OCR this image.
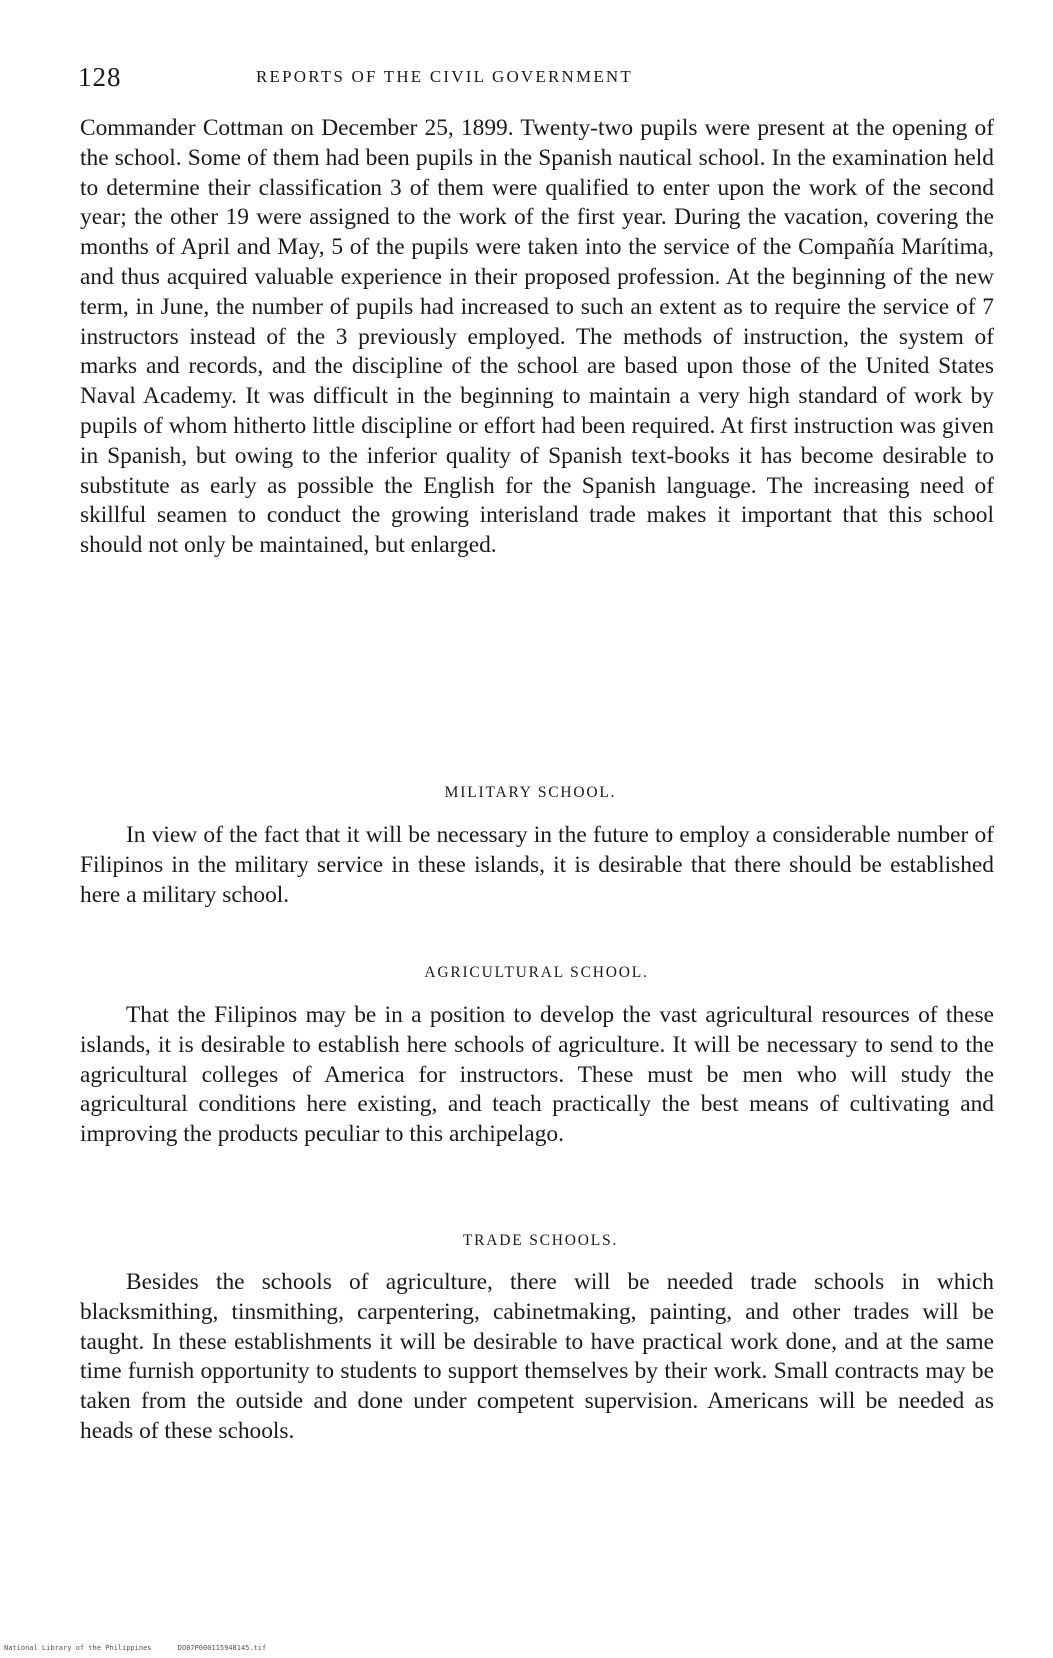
128	REPORTS OF THE CIVIL GOVERNMENT

Commander Cottman on December 25, 1899. Twenty-two pupils were present at the opening of the school. Some of them had been pupils in the Spanish nautical school. In the examination held to determine their classification 3 of them were qualified to enter upon the work of the second year; the other 19 were assigned to the work of the first year. During the vacation, covering the months of April and May, 5 of the pupils were taken into the service of the Compañía Marítima, and thus acquired valuable experience in their proposed profession. At the beginning of the new term, in June, the number of pupils had increased to such an extent as to require the service of 7 instructors instead of the 3 previously employed. The methods of instruction, the system of marks and records, and the discipline of the school are based upon those of the United States Naval Academy. It was difficult in the beginning to maintain a very high standard of work by pupils of whom hitherto little discipline or effort had been required. At first instruction was given in Spanish, but owing to the inferior quality of Spanish text-books it has become desirable to substitute as early as possible the English for the Spanish language. The increasing need of skillful seamen to conduct the growing interisland trade makes it important that this school should not only be maintained, but enlarged.

MILITARY SCHOOL.

In view of the fact that it will be necessary in the future to employ a considerable number of Filipinos in the military service in these islands, it is desirable that there should be established here a military school.

AGRICULTURAL SCHOOL.

That the Filipinos may be in a position to develop the vast agricultural resources of these islands, it is desirable to establish here schools of agriculture. It will be necessary to send to the agricultural colleges of America for instructors. These must be men who will study the agricultural conditions here existing, and teach practically the best means of cultivating and improving the products peculiar to this archipelago.

TRADE SCHOOLS.

Besides the schools of agriculture, there will be needed trade schools in which blacksmithing, tinsmithing, carpentering, cabinetmaking, painting, and other trades will be taught. In these establishments it will be desirable to have practical work done, and at the same time furnish opportunity to students to support themselves by their work. Small contracts may be taken from the outside and done under competent supervision. Americans will be needed as heads of these schools.

National Library of the Philippines	DO87P000115948145.tif
